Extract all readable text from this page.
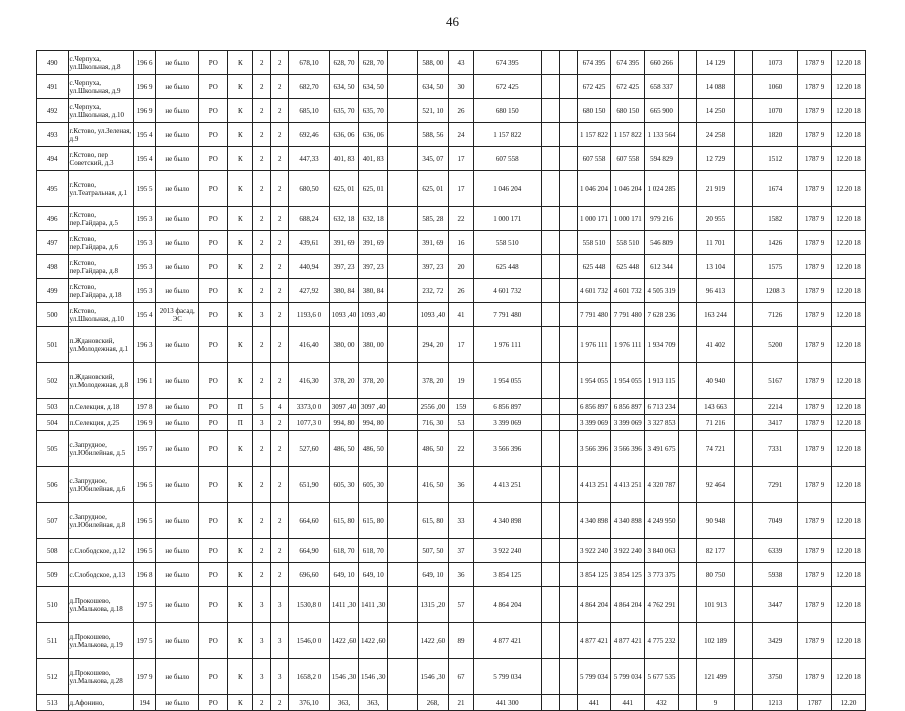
46
490	с.Черпуха, ул.Школьная, д.8	196 6	не было	РО	К	2	2	678,10	628, 70	628, 70		588, 00	43	674 395			674 395	674 395	660 266		14 129		1073	1787 9	12.20 18
491	с.Черпуха, ул.Школьная, д.9	196 9	не было	РО	К	2	2	682,70	634, 50	634, 50		634, 50	30	672 425			672 425	672 425	658 337		14 088		1060	1787 9	12.20 18
492	с.Черпуха, ул.Школьная, д.10	196 9	не было	РО	К	2	2	685,10	635, 70	635, 70		521, 10	26	680 150			680 150	680 150	665 900		14 250		1070	1787 9	12.20 18
493	г.Кстово, ул.Зеленая, д.9	195 4	не было	РО	К	2	2	692,46	636, 06	636, 06		588, 56	24	1 157 822			1 157 822	1 157 822	1 133 564		24 258		1820	1787 9	12.20 18
494	г.Кстово, пер Советский, д.3	195 4	не было	РО	К	2	2	447,33	401, 83	401, 83		345, 07	17	607 558			607 558	607 558	594 829		12 729		1512	1787 9	12.20 18
495	г.Кстово, ул.Театральная, д.1	195 5	не было	РО	К	2	2	680,50	625, 01	625, 01		625, 01	17	1 046 204			1 046 204	1 046 204	1 024 285		21 919		1674	1787 9	12.20 18
496	г.Кстово, пер.Гайдара, д.5	195 3	не было	РО	К	2	2	688,24	632, 18	632, 18		585, 28	22	1 000 171			1 000 171	1 000 171	979 216		20 955		1582	1787 9	12.20 18
497	г.Кстово, пер.Гайдара, д.6	195 3	не было	РО	К	2	2	439,61	391, 69	391, 69		391, 69	16	558 510			558 510	558 510	546 809		11 701		1426	1787 9	12.20 18
498	г.Кстово, пер.Гайдара, д.8	195 3	не было	РО	К	2	2	440,94	397, 23	397, 23		397, 23	20	625 448			625 448	625 448	612 344		13 104		1575	1787 9	12.20 18
499	г.Кстово, пер.Гайдара, д.18	195 3	не было	РО	К	2	2	427,92	380, 84	380, 84		232, 72	26	4 601 732			4 601 732	4 601 732	4 505 319		96 413		1208 3	1787 9	12.20 18
500	г.Кстово, ул.Школьная, д.10	195 4	2013 фасад, ЭС	РО	К	3	2	1193,6 0	1093 ,40	1093 ,40		1093 ,40	41	7 791 480			7 791 480	7 791 480	7 628 236		163 244		7126	1787 9	12.20 18
501	п.Ждановский, ул.Молодежная, д.1	196 3	не было	РО	К	2	2	416,40	380, 00	380, 00		294, 20	17	1 976 111			1 976 111	1 976 111	1 934 709		41 402		5200	1787 9	12.20 18
502	п.Ждановский, ул.Молодежная, д.8	196 1	не было	РО	К	2	2	416,30	378, 20	378, 20		378, 20	19	1 954 055			1 954 055	1 954 055	1 913 115		40 940		5167	1787 9	12.20 18
503	п.Селекция, д.18	197 8	не было	РО	П	5	4	3373,0 0	3097 ,40	3097 ,40		2556 ,00	159	6 856 897			6 856 897	6 856 897	6 713 234		143 663		2214	1787 9	12.20 18
504	п.Селекция, д.25	196 9	не было	РО	П	3	2	1077,3 0	994, 80	994, 80		716, 30	53	3 399 069			3 399 069	3 399 069	3 327 853		71 216		3417	1787 9	12.20 18
505	с.Запрудное, ул.Юбилейная, д.5	195 7	не было	РО	К	2	2	527,60	486, 50	486, 50		486, 50	22	3 566 396			3 566 396	3 566 396	3 491 675		74 721		7331	1787 9	12.20 18
506	с.Запрудное, ул.Юбилейная, д.6	196 5	не было	РО	К	2	2	651,90	605, 30	605, 30		416, 50	36	4 413 251			4 413 251	4 413 251	4 320 787		92 464		7291	1787 9	12.20 18
507	с.Запрудное, ул.Юбилейная, д.8	196 5	не было	РО	К	2	2	664,60	615, 80	615, 80		615, 80	33	4 340 898			4 340 898	4 340 898	4 249 950		90 948		7049	1787 9	12.20 18
508	с.Слободское, д.12	196 5	не было	РО	К	2	2	664,90	618, 70	618, 70		507, 50	37	3 922 240			3 922 240	3 922 240	3 840 063		82 177		6339	1787 9	12.20 18
509	с.Слободское, д.13	196 8	не было	РО	К	2	2	696,60	649, 10	649, 10		649, 10	36	3 854 125			3 854 125	3 854 125	3 773 375		80 750		5938	1787 9	12.20 18
510	д.Прокошево, ул.Малькова, д.18	197 5	не было	РО	К	3	3	1530,8 0	1411 ,30	1411 ,30		1315 ,20	57	4 864 204			4 864 204	4 864 204	4 762 291		101 913		3447	1787 9	12.20 18
511	д.Прокошево, ул.Малькова, д.19	197 5	не было	РО	К	3	3	1546,0 0	1422 ,60	1422 ,60		1422 ,60	89	4 877 421			4 877 421	4 877 421	4 775 232		102 189		3429	1787 9	12.20 18
512	д.Прокошево, ул.Малькова, д.28	197 9	не было	РО	К	3	3	1658,2 0	1546 ,30	1546 ,30		1546 ,30	67	5 799 034			5 799 034	5 799 034	5 677 535		121 499		3750	1787 9	12.20 18
513	д.Афонино,	194	не было	РО	К	2	2	376,10	363,	363,		268,	21	441 300			441	441	432		9		1213	1787	12.20
